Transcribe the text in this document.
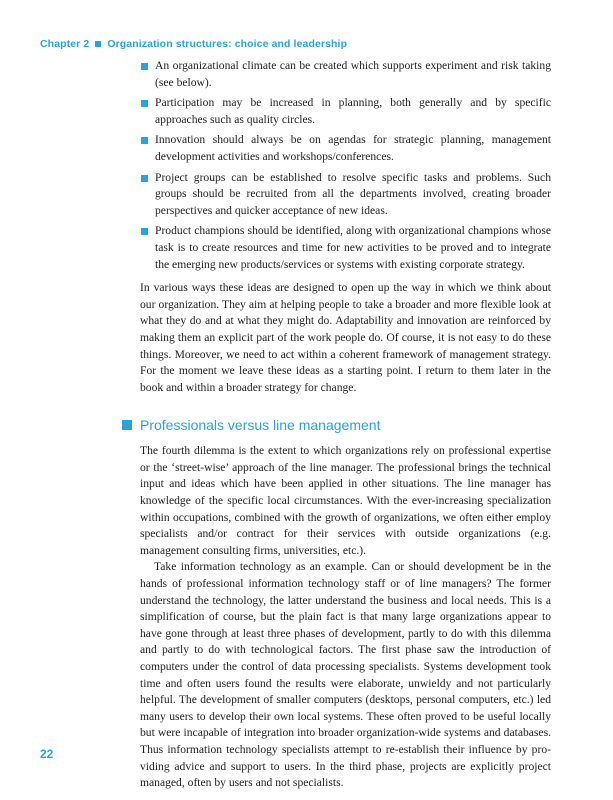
Chapter 2 Organization structures: choice and leadership
An organizational climate can be created which supports experiment and risk taking (see below).
Participation may be increased in planning, both generally and by specific approaches such as quality circles.
Innovation should always be on agendas for strategic planning, management development activities and workshops/conferences.
Project groups can be established to resolve specific tasks and problems. Such groups should be recruited from all the departments involved, creating broader perspectives and quicker acceptance of new ideas.
Product champions should be identified, along with organizational champions whose task is to create resources and time for new activities to be proved and to integrate the emerging new products/services or systems with existing corporate strategy.

In various ways these ideas are designed to open up the way in which we think about our organization. They aim at helping people to take a broader and more flexible look at what they do and at what they might do. Adaptability and innovation are reinforced by making them an explicit part of the work people do. Of course, it is not easy to do these things. Moreover, we need to act within a coherent framework of management strategy. For the moment we leave these ideas as a starting point. I return to them later in the book and within a broader strategy for change.

Professionals versus line management

The fourth dilemma is the extent to which organizations rely on professional expertise or the ‘street-wise’ approach of the line manager. The professional brings the technical input and ideas which have been applied in other situations. The line manager has knowledge of the specific local circumstances. With the ever-increasing specialization within occupations, combined with the growth of organizations, we often either employ specialists and/or contract for their services with outside organizations (e.g. management consulting firms, universities, etc.).

Take information technology as an example. Can or should development be in the hands of professional information technology staff or of line managers? The former understand the technology, the latter understand the business and local needs. This is a simplification of course, but the plain fact is that many large organizations appear to have gone through at least three phases of development, partly to do with this dilemma and partly to do with technological factors. The first phase saw the introduction of computers under the control of data processing specialists. Systems development took time and often users found the results were elaborate, unwieldy and not particularly helpful. The development of smaller computers (desktops, personal computers, etc.) led many users to develop their own local systems. These often proved to be useful locally but were incapable of integration into broader organization-wide systems and databases. Thus information technology specialists attempt to re-establish their influence by providing advice and support to users. In the third phase, projects are explicitly project managed, often by users and not specialists.

22
